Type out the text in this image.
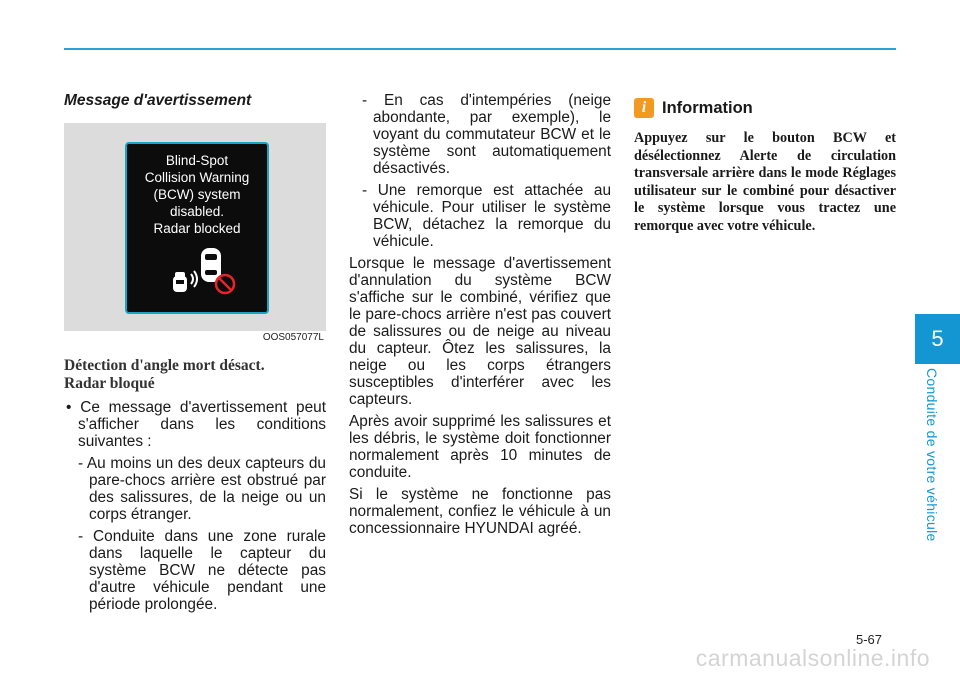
Message d'avertissement
Blind-Spot
Collision Warning
(BCW) system
disabled.
Radar blocked
OOS057077L
Détection d'angle mort désact.
Radar bloqué
• Ce message d'avertissement peut s'afficher dans les conditions suivantes :
- Au moins un des deux capteurs du pare-chocs arrière est obstrué par des salissures, de la neige ou un corps étranger.
- Conduite dans une zone rurale dans laquelle le capteur du système BCW ne détecte pas d'autre véhicule pendant une période prolongée.
- En cas d'intempéries (neige abondante, par exemple), le voyant du commutateur BCW et le système sont automatiquement désactivés.
- Une remorque est attachée au véhicule. Pour utiliser le système BCW, détachez la remorque du véhicule.
Lorsque le message d'avertissement d'annulation du système BCW s'affiche sur le combiné, vérifiez que le pare-chocs arrière n'est pas couvert de salissures ou de neige au niveau du capteur. Ôtez les salissures, la neige ou les corps étrangers susceptibles d'interférer avec les capteurs.
Après avoir supprimé les salissures et les débris, le système doit fonctionner normalement après 10 minutes de conduite.
Si le système ne fonctionne pas normalement, confiez le véhicule à un concessionnaire HYUNDAI agréé.
i Information
Appuyez sur le bouton BCW et désélectionnez Alerte de circulation transversale arrière dans le mode Réglages utilisateur sur le combiné pour désactiver le système lorsque vous tractez une remorque avec votre véhicule.
5
Conduite de votre véhicule
5-67
carmanualsonline.info
